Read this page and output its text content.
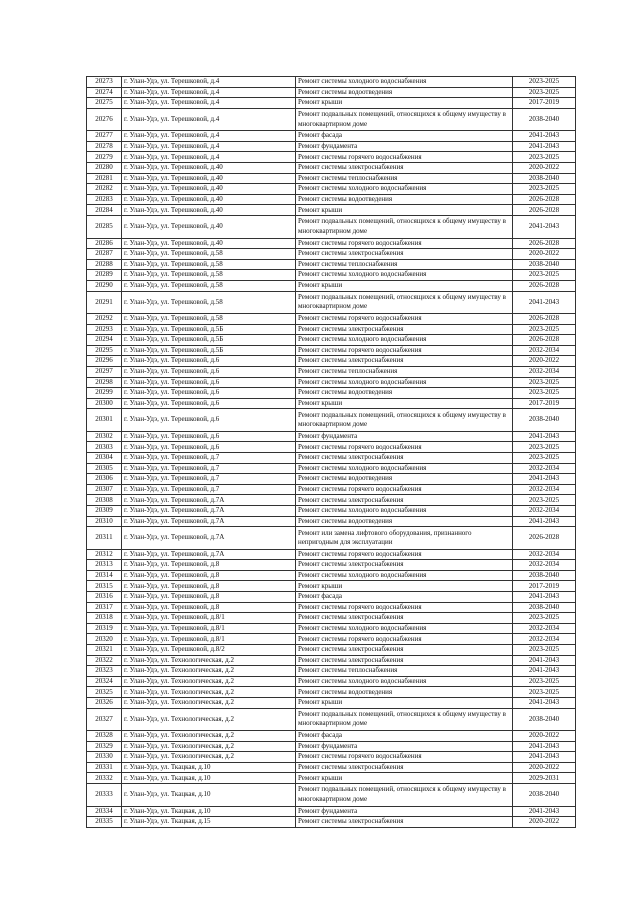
20273	г. Улан-Удэ, ул. Терешковой, д.4	Ремонт системы холодного водоснабжения	2023-2025
20274	г. Улан-Удэ, ул. Терешковой, д.4	Ремонт системы водоотведения	2023-2025
20275	г. Улан-Удэ, ул. Терешковой, д.4	Ремонт крыши	2017-2019
20276	г. Улан-Удэ, ул. Терешковой, д.4	Ремонт подвальных помещений, относящихся к общему имуществу в многоквартирном доме	2038-2040
20277	г. Улан-Удэ, ул. Терешковой, д.4	Ремонт фасада	2041-2043
20278	г. Улан-Удэ, ул. Терешковой, д.4	Ремонт фундамента	2041-2043
20279	г. Улан-Удэ, ул. Терешковой, д.4	Ремонт системы горячего водоснабжения	2023-2025
20280	г. Улан-Удэ, ул. Терешковой, д.40	Ремонт системы электроснабжения	2020-2022
20281	г. Улан-Удэ, ул. Терешковой, д.40	Ремонт системы теплоснабжения	2038-2040
20282	г. Улан-Удэ, ул. Терешковой, д.40	Ремонт системы холодного водоснабжения	2023-2025
20283	г. Улан-Удэ, ул. Терешковой, д.40	Ремонт системы водоотведения	2026-2028
20284	г. Улан-Удэ, ул. Терешковой, д.40	Ремонт крыши	2026-2028
20285	г. Улан-Удэ, ул. Терешковой, д.40	Ремонт подвальных помещений, относящихся к общему имуществу в многоквартирном доме	2041-2043
20286	г. Улан-Удэ, ул. Терешковой, д.40	Ремонт системы горячего водоснабжения	2026-2028
20287	г. Улан-Удэ, ул. Терешковой, д.58	Ремонт системы электроснабжения	2020-2022
20288	г. Улан-Удэ, ул. Терешковой, д.58	Ремонт системы теплоснабжения	2038-2040
20289	г. Улан-Удэ, ул. Терешковой, д.58	Ремонт системы холодного водоснабжения	2023-2025
20290	г. Улан-Удэ, ул. Терешковой, д.58	Ремонт крыши	2026-2028
20291	г. Улан-Удэ, ул. Терешковой, д.58	Ремонт подвальных помещений, относящихся к общему имуществу в многоквартирном доме	2041-2043
20292	г. Улан-Удэ, ул. Терешковой, д.58	Ремонт системы горячего водоснабжения	2026-2028
20293	г. Улан-Удэ, ул. Терешковой, д.5Б	Ремонт системы электроснабжения	2023-2025
20294	г. Улан-Удэ, ул. Терешковой, д.5Б	Ремонт системы холодного водоснабжения	2026-2028
20295	г. Улан-Удэ, ул. Терешковой, д.5Б	Ремонт системы горячего водоснабжения	2032-2034
20296	г. Улан-Удэ, ул. Терешковой, д.6	Ремонт системы электроснабжения	2020-2022
20297	г. Улан-Удэ, ул. Терешковой, д.6	Ремонт системы теплоснабжения	2032-2034
20298	г. Улан-Удэ, ул. Терешковой, д.6	Ремонт системы холодного водоснабжения	2023-2025
20299	г. Улан-Удэ, ул. Терешковой, д.6	Ремонт системы водоотведения	2023-2025
20300	г. Улан-Удэ, ул. Терешковой, д.6	Ремонт крыши	2017-2019
20301	г. Улан-Удэ, ул. Терешковой, д.6	Ремонт подвальных помещений, относящихся к общему имуществу в многоквартирном доме	2038-2040
20302	г. Улан-Удэ, ул. Терешковой, д.6	Ремонт фундамента	2041-2043
20303	г. Улан-Удэ, ул. Терешковой, д.6	Ремонт системы горячего водоснабжения	2023-2025
20304	г. Улан-Удэ, ул. Терешковой, д.7	Ремонт системы электроснабжения	2023-2025
20305	г. Улан-Удэ, ул. Терешковой, д.7	Ремонт системы холодного водоснабжения	2032-2034
20306	г. Улан-Удэ, ул. Терешковой, д.7	Ремонт системы водоотведения	2041-2043
20307	г. Улан-Удэ, ул. Терешковой, д.7	Ремонт системы горячего водоснабжения	2032-2034
20308	г. Улан-Удэ, ул. Терешковой, д.7А	Ремонт системы электроснабжения	2023-2025
20309	г. Улан-Удэ, ул. Терешковой, д.7А	Ремонт системы холодного водоснабжения	2032-2034
20310	г. Улан-Удэ, ул. Терешковой, д.7А	Ремонт системы водоотведения	2041-2043
20311	г. Улан-Удэ, ул. Терешковой, д.7А	Ремонт или замена лифтового оборудования, признанного непригодным для эксплуатации	2026-2028
20312	г. Улан-Удэ, ул. Терешковой, д.7А	Ремонт системы горячего водоснабжения	2032-2034
20313	г. Улан-Удэ, ул. Терешковой, д.8	Ремонт системы электроснабжения	2032-2034
20314	г. Улан-Удэ, ул. Терешковой, д.8	Ремонт системы холодного водоснабжения	2038-2040
20315	г. Улан-Удэ, ул. Терешковой, д.8	Ремонт крыши	2017-2019
20316	г. Улан-Удэ, ул. Терешковой, д.8	Ремонт фасада	2041-2043
20317	г. Улан-Удэ, ул. Терешковой, д.8	Ремонт системы горячего водоснабжения	2038-2040
20318	г. Улан-Удэ, ул. Терешковой, д.8/1	Ремонт системы электроснабжения	2023-2025
20319	г. Улан-Удэ, ул. Терешковой, д.8/1	Ремонт системы холодного водоснабжения	2032-2034
20320	г. Улан-Удэ, ул. Терешковой, д.8/1	Ремонт системы горячего водоснабжения	2032-2034
20321	г. Улан-Удэ, ул. Терешковой, д.8/2	Ремонт системы электроснабжения	2023-2025
20322	г. Улан-Удэ, ул. Технологическая, д.2	Ремонт системы электроснабжения	2041-2043
20323	г. Улан-Удэ, ул. Технологическая, д.2	Ремонт системы теплоснабжения	2041-2043
20324	г. Улан-Удэ, ул. Технологическая, д.2	Ремонт системы холодного водоснабжения	2023-2025
20325	г. Улан-Удэ, ул. Технологическая, д.2	Ремонт системы водоотведения	2023-2025
20326	г. Улан-Удэ, ул. Технологическая, д.2	Ремонт крыши	2041-2043
20327	г. Улан-Удэ, ул. Технологическая, д.2	Ремонт подвальных помещений, относящихся к общему имуществу в многоквартирном доме	2038-2040
20328	г. Улан-Удэ, ул. Технологическая, д.2	Ремонт фасада	2020-2022
20329	г. Улан-Удэ, ул. Технологическая, д.2	Ремонт фундамента	2041-2043
20330	г. Улан-Удэ, ул. Технологическая, д.2	Ремонт системы горячего водоснабжения	2041-2043
20331	г. Улан-Удэ, ул. Ткацкая, д.10	Ремонт системы электроснабжения	2020-2022
20332	г. Улан-Удэ, ул. Ткацкая, д.10	Ремонт крыши	2029-2031
20333	г. Улан-Удэ, ул. Ткацкая, д.10	Ремонт подвальных помещений, относящихся к общему имуществу в многоквартирном доме	2038-2040
20334	г. Улан-Удэ, ул. Ткацкая, д.10	Ремонт фундамента	2041-2043
20335	г. Улан-Удэ, ул. Ткацкая, д.15	Ремонт системы электроснабжения	2020-2022
